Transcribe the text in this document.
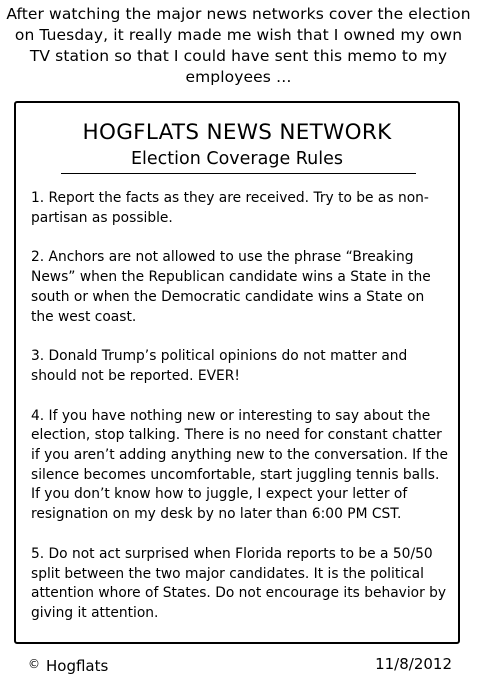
After watching the major news networks cover the election on Tuesday, it really made me wish that I owned my own TV station so that I could have sent this memo to my employees …
HOGFLATS NEWS NETWORK
Election Coverage Rules

1. Report the facts as they are received. Try to be as non-partisan as possible.

2. Anchors are not allowed to use the phrase “Breaking News” when the Republican candidate wins a State in the south or when the Democratic candidate wins a State on the west coast.

3. Donald Trump’s political opinions do not matter and should not be reported. EVER!

4. If you have nothing new or interesting to say about the election, stop talking. There is no need for constant chatter if you aren’t adding anything new to the conversation. If the silence becomes uncomfortable, start juggling tennis balls. If you don’t know how to juggle, I expect your letter of resignation on my desk by no later than 6:00 PM CST.

5. Do not act surprised when Florida reports to be a 50/50 split between the two major candidates. It is the political attention whore of States. Do not encourage its behavior by giving it attention.

© Hogflats	11/8/2012
